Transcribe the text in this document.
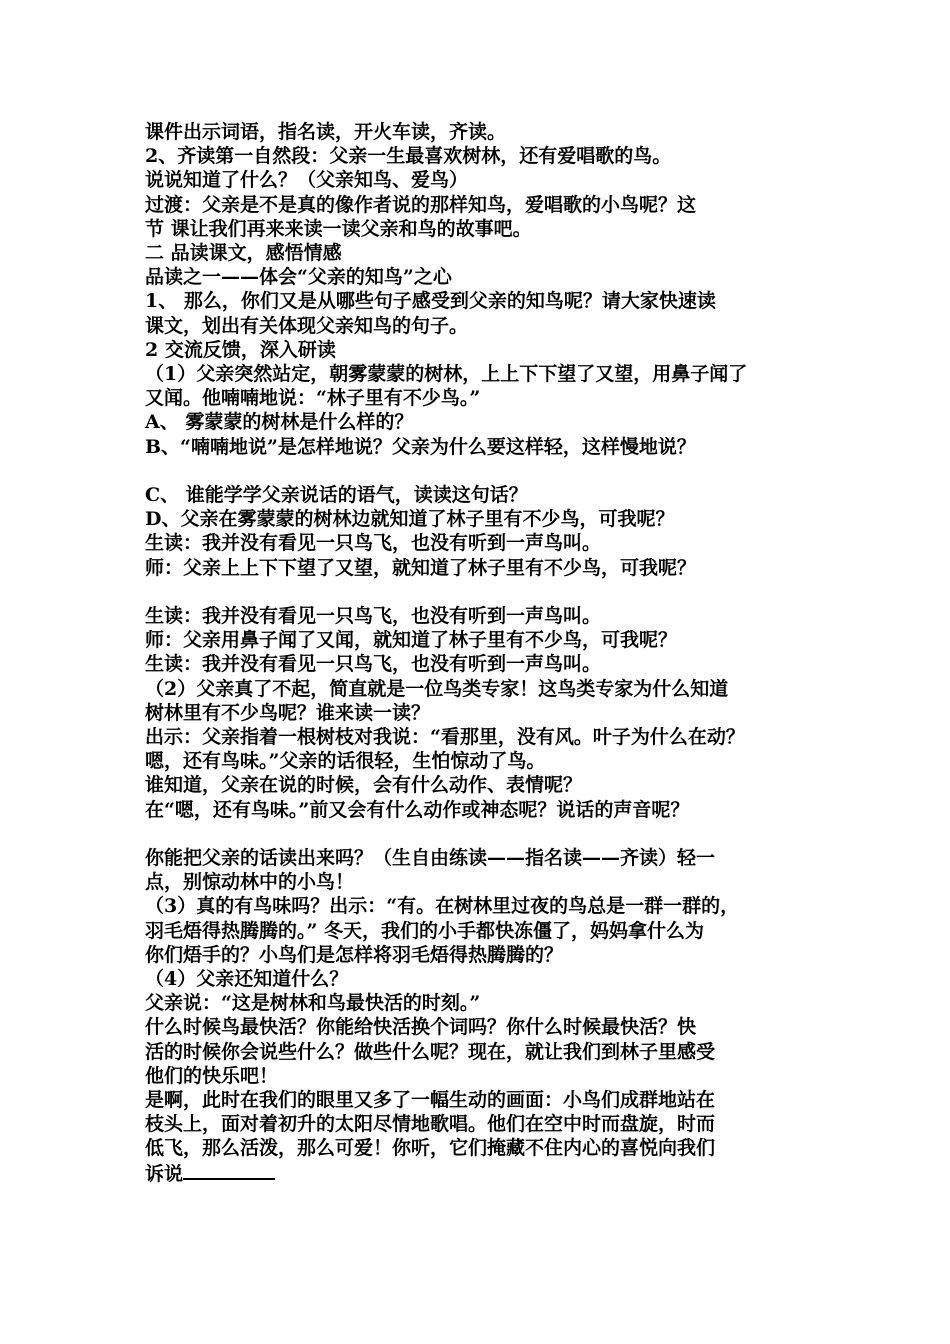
课件出示词语，指名读，开火车读，齐读。

2、齐读第一自然段：父亲一生最喜欢树林，还有爱唱歌的鸟。

说说知道了什么？（父亲知鸟、爱鸟）

过渡：父亲是不是真的像作者说的那样知鸟，爱唱歌的小鸟呢？这

节 课让我们再来来读一读父亲和鸟的故事吧。

二 品读课文，感悟情感

品读之一——体会“父亲的知鸟”之心

1、 那么，你们又是从哪些句子感受到父亲的知鸟呢？请大家快速读

课文，划出有关体现父亲知鸟的句子。

2 交流反馈，深入研读

（1）父亲突然站定，朝雾蒙蒙的树林，上上下下望了又望，用鼻子闻了

又闻。他喃喃地说：“林子里有不少鸟。”

A、 雾蒙蒙的树林是什么样的？

B、“喃喃地说”是怎样地说？父亲为什么要这样轻，这样慢地说？

C、 谁能学学父亲说话的语气，读读这句话？

D、父亲在雾蒙蒙的树林边就知道了林子里有不少鸟，可我呢？

生读：我并没有看见一只鸟飞，也没有听到一声鸟叫。

师：父亲上上下下望了又望，就知道了林子里有不少鸟，可我呢？

生读：我并没有看见一只鸟飞，也没有听到一声鸟叫。

师：父亲用鼻子闻了又闻，就知道了林子里有不少鸟，可我呢？

生读：我并没有看见一只鸟飞，也没有听到一声鸟叫。

（2）父亲真了不起，简直就是一位鸟类专家！这鸟类专家为什么知道

树林里有不少鸟呢？谁来读一读？

出示：父亲指着一根树枝对我说：“看那里，没有风。叶子为什么在动？

嗯，还有鸟味。”父亲的话很轻，生怕惊动了鸟。

谁知道，父亲在说的时候，会有什么动作、表情呢？

在“嗯，还有鸟味。”前又会有什么动作或神态呢？说话的声音呢？

你能把父亲的话读出来吗？（生自由练读——指名读——齐读）轻一

点，别惊动林中的小鸟！

（3）真的有鸟味吗？出示：“有。在树林里过夜的鸟总是一群一群的，

羽毛焐得热腾腾的。” 冬天，我们的小手都快冻僵了，妈妈拿什么为

你们焐手的？小鸟们是怎样将羽毛焐得热腾腾的？

（4）父亲还知道什么？

父亲说：“这是树林和鸟最快活的时刻。”

什么时候鸟最快活？你能给快活换个词吗？你什么时候最快活？快

活的时候你会说些什么？做些什么呢？现在，就让我们到林子里感受

他们的快乐吧！

是啊，此时在我们的眼里又多了一幅生动的画面：小鸟们成群地站在

枝头上，面对着初升的太阳尽情地歌唱。他们在空中时而盘旋，时而

低飞，那么活泼，那么可爱！你听，它们掩藏不住内心的喜悦向我们

诉说
